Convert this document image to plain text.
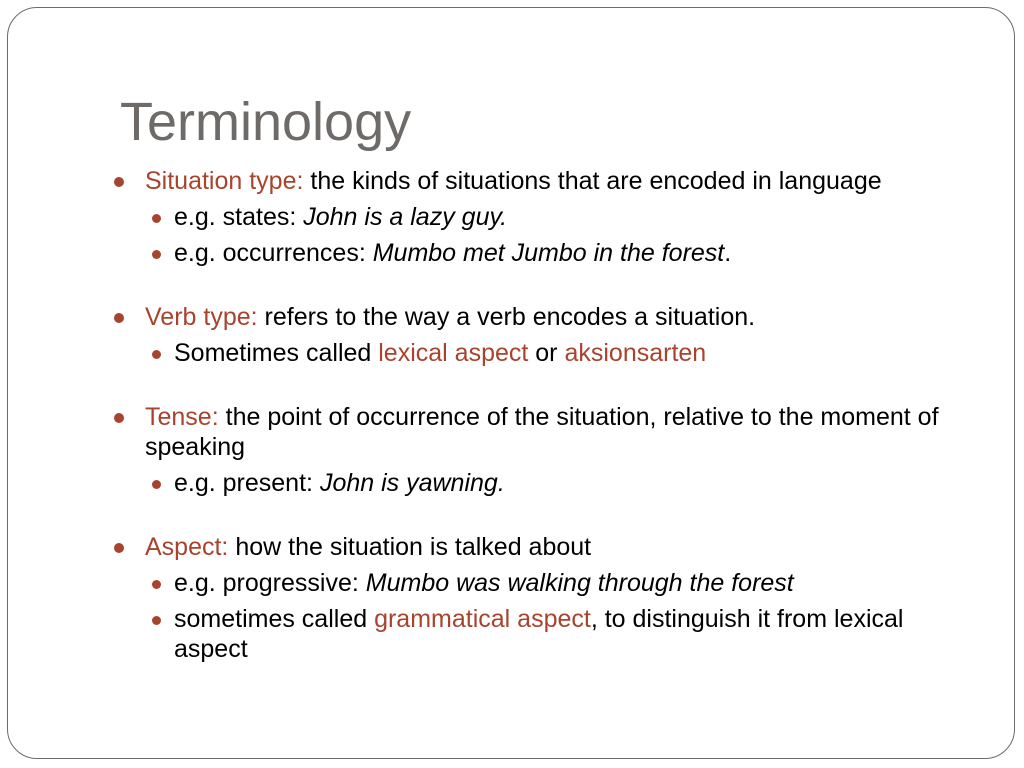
Terminology
Situation type: the kinds of situations that are encoded in language
e.g. states: John is a lazy guy.
e.g. occurrences: Mumbo met Jumbo in the forest.
Verb type: refers to the way a verb encodes a situation.
Sometimes called lexical aspect or aksionsarten
Tense: the point of occurrence of the situation, relative to the moment of speaking
e.g. present: John is yawning.
Aspect: how the situation is talked about
e.g. progressive: Mumbo was walking through the forest
sometimes called grammatical aspect, to distinguish it from lexical aspect
